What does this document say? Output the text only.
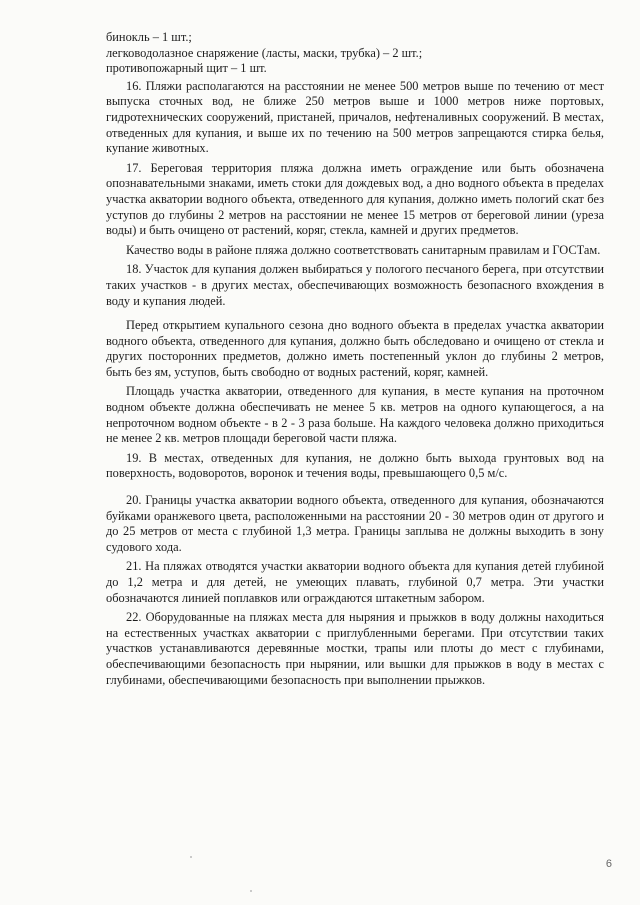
бинокль – 1 шт.;

легководолазное снаряжение (ласты, маски, трубка) – 2 шт.;

противопожарный щит – 1 шт.

16. Пляжи располагаются на расстоянии не менее 500 метров выше по течению от мест выпуска сточных вод, не ближе 250 метров выше и 1000 метров ниже портовых, гидротехнических сооружений, пристаней, причалов, нефтеналивных сооружений. В местах, отведенных для купания, и выше их по течению на 500 метров запрещаются стирка белья, купание животных.

17. Береговая территория пляжа должна иметь ограждение или быть обозначена опознавательными знаками, иметь стоки для дождевых вод, а дно водного объекта в пределах участка акватории водного объекта, отведенного для купания, должно иметь пологий скат без уступов до глубины 2 метров на расстоянии не менее 15 метров от береговой линии (уреза воды) и быть очищено от растений, коряг, стекла, камней и других предметов.

Качество воды в районе пляжа должно соответствовать санитарным правилам и ГОСТам.

18. Участок для купания должен выбираться у пологого песчаного берега, при отсутствии таких участков - в других местах, обеспечивающих возможность безопасного вхождения в воду и купания людей.

Перед открытием купального сезона дно водного объекта в пределах участка акватории водного объекта, отведенного для купания, должно быть обследовано и очищено от стекла и других посторонних предметов, должно иметь постепенный уклон до глубины 2 метров, быть без ям, уступов, быть свободно от водных растений, коряг, камней.

Площадь участка акватории, отведенного для купания, в месте купания на проточном водном объекте должна обеспечивать не менее 5 кв. метров на одного купающегося, а на непроточном водном объекте - в 2 - 3 раза больше. На каждого человека должно приходиться не менее 2 кв. метров площади береговой части пляжа.

19. В местах, отведенных для купания, не должно быть выхода грунтовых вод на поверхность, водоворотов, воронок и течения воды, превышающего 0,5 м/с.

20. Границы участка акватории водного объекта, отведенного для купания, обозначаются буйками оранжевого цвета, расположенными на расстоянии 20 - 30 метров один от другого и до 25 метров от места с глубиной 1,3 метра. Границы заплыва не должны выходить в зону судового хода.

21. На пляжах отводятся участки акватории водного объекта для купания детей глубиной до 1,2 метра и для детей, не умеющих плавать, глубиной 0,7 метра. Эти участки обозначаются линией поплавков или ограждаются штакетным забором.

22. Оборудованные на пляжах места для ныряния и прыжков в воду должны находиться на естественных участках акватории с приглубленными берегами. При отсутствии таких участков устанавливаются деревянные мостки, трапы или плоты до мест с глубинами, обеспечивающими безопасность при нырянии, или вышки для прыжков в воду в местах с глубинами, обеспечивающими безопасность при выполнении прыжков.

6
